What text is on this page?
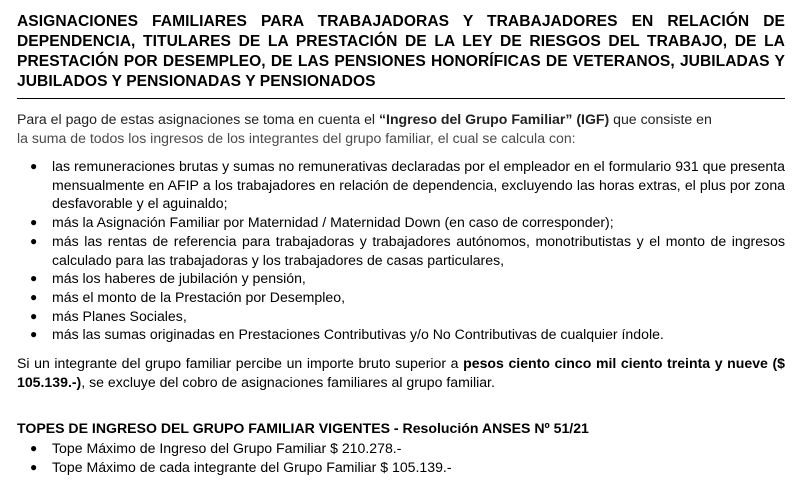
ASIGNACIONES FAMILIARES PARA TRABAJADORAS Y TRABAJADORES EN RELACIÓN DE DEPENDENCIA, TITULARES DE LA PRESTACIÓN DE LA LEY DE RIESGOS DEL TRABAJO, DE LA PRESTACIÓN POR DESEMPLEO, DE LAS PENSIONES HONORÍFICAS DE VETERANOS, JUBILADAS Y JUBILADOS Y PENSIONADAS Y PENSIONADOS

Para el pago de estas asignaciones se toma en cuenta el “Ingreso del Grupo Familiar” (IGF) que consiste en
la suma de todos los ingresos de los integrantes del grupo familiar, el cual se calcula con:

● las remuneraciones brutas y sumas no remunerativas declaradas por el empleador en el formulario 931 que presenta mensualmente en AFIP a los trabajadores en relación de dependencia, excluyendo las horas extras, el plus por zona desfavorable y el aguinaldo;
● más la Asignación Familiar por Maternidad / Maternidad Down (en caso de corresponder);
● más las rentas de referencia para trabajadoras y trabajadores autónomos, monotributistas y el monto de ingresos calculado para las trabajadoras y los trabajadores de casas particulares,
● más los haberes de jubilación y pensión,
● más el monto de la Prestación por Desempleo,
● más Planes Sociales,
● más las sumas originadas en Prestaciones Contributivas y/o No Contributivas de cualquier índole.

Si un integrante del grupo familiar percibe un importe bruto superior a pesos ciento cinco mil ciento treinta y nueve ($ 105.139.-), se excluye del cobro de asignaciones familiares al grupo familiar.

TOPES DE INGRESO DEL GRUPO FAMILIAR VIGENTES - Resolución ANSES Nº 51/21

● Tope Máximo de Ingreso del Grupo Familiar $ 210.278.-
● Tope Máximo de cada integrante del Grupo Familiar $ 105.139.-
